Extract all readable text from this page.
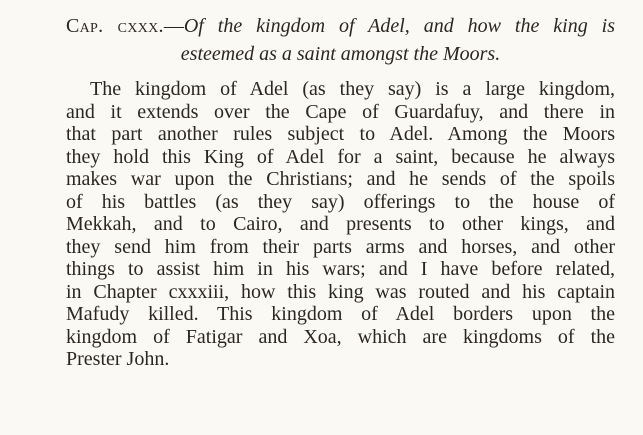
Cap. cxxx.—Of the kingdom of Adel, and how the king is
esteemed as a saint amongst the Moors.

The kingdom of Adel (as they say) is a large kingdom,
and it extends over the Cape of Guardafuy, and there in
that part another rules subject to Adel. Among the Moors
they hold this King of Adel for a saint, because he always
makes war upon the Christians; and he sends of the spoils
of his battles (as they say) offerings to the house of
Mekkah, and to Cairo, and presents to other kings, and
they send him from their parts arms and horses, and other
things to assist him in his wars; and I have before related,
in Chapter cxxxiii, how this king was routed and his captain
Mafudy killed. This kingdom of Adel borders upon the
kingdom of Fatigar and Xoa, which are kingdoms of the
Prester John.
